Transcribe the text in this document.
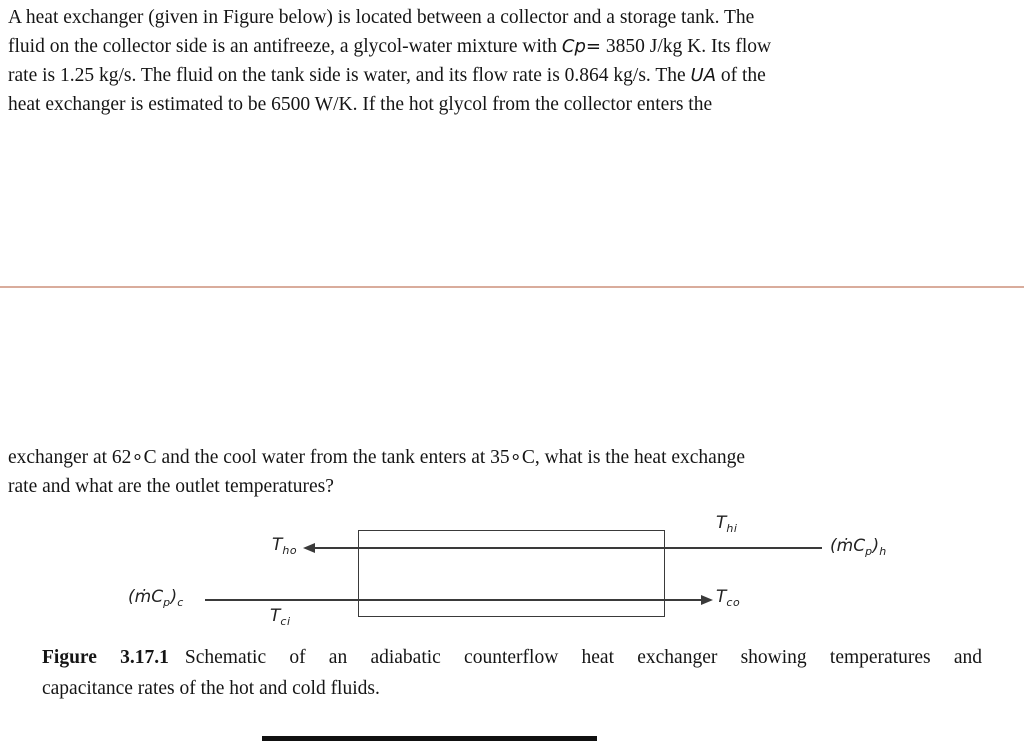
A heat exchanger (given in Figure below) is located between a collector and a storage tank. The
fluid on the collector side is an antifreeze, a glycol-water mixture with Cp= 3850 J/kg K. Its flow
rate is 1.25 kg/s. The fluid on the tank side is water, and its flow rate is 0.864 kg/s. The UA of the
heat exchanger is estimated to be 6500 W/K. If the hot glycol from the collector enters the
exchanger at 62∘C and the cool water from the tank enters at 35∘C, what is the heat exchange
rate and what are the outlet temperatures?
$T_{ho}$
$T_{hi}$
$T_{ci}$
$T_{co}$
$(ṁC_p)_h$
$(ṁC_p)_c$
Figure 3.17.1 Schematic of an adiabatic counterflow heat exchanger showing temperatures and
capacitance rates of the hot and cold fluids.
